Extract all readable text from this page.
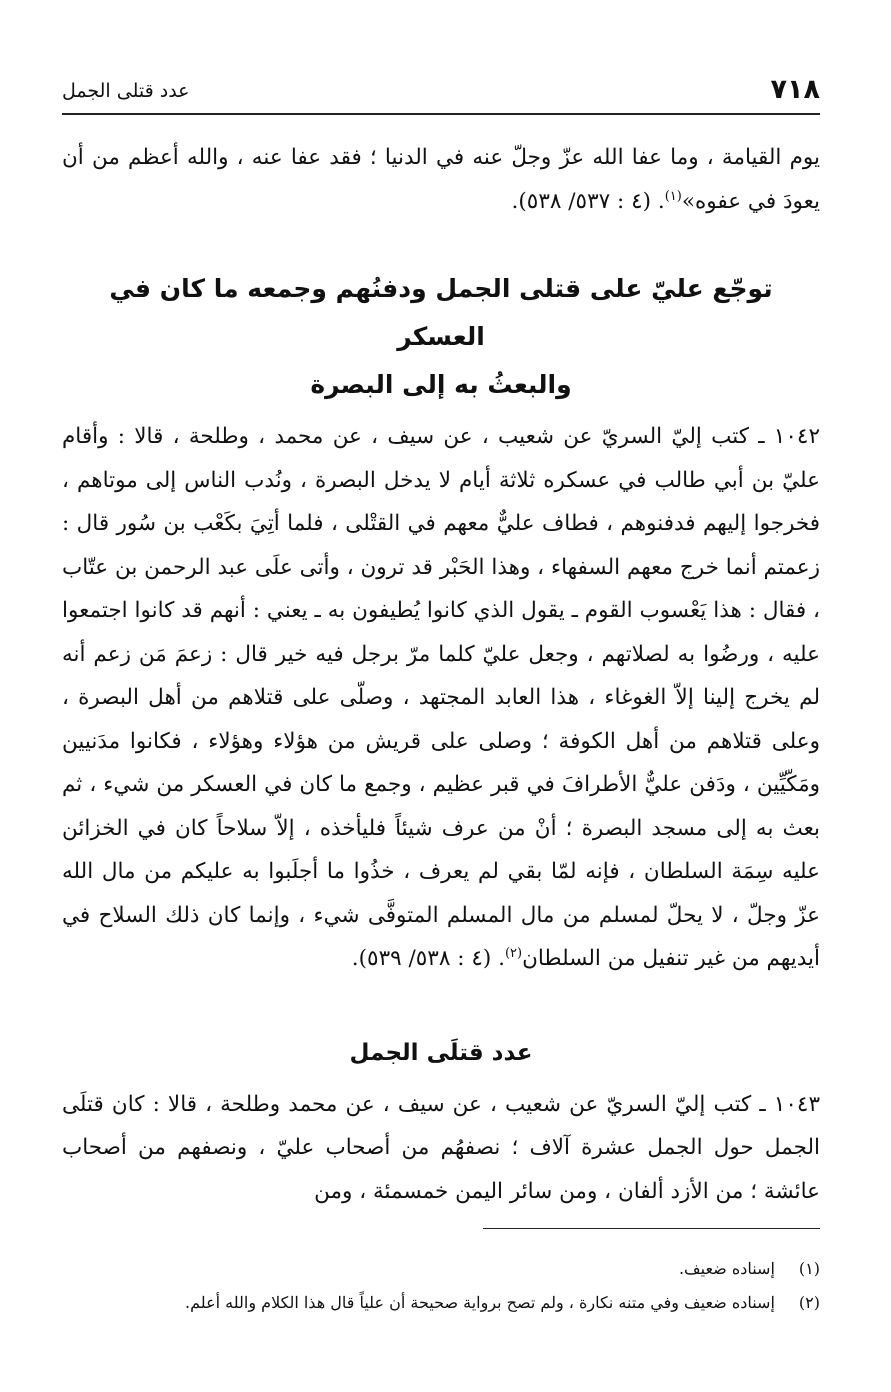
٧١٨
عدد قتلى الجمل

يوم القيامة ، وما عفا الله عزّ وجلّ عنه في الدنيا ؛ فقد عفا عنه ، والله أعظم من أن يعودَ في عفوه»$^{(١)}$. (٤ : ٥٣٧/ ٥٣٨).

توجّع عليّ على قتلى الجمل ودفنُهم وجمعه ما كان في العسكر
والبعثُ به إلى البصرة

١٠٤٢ ـ كتب إليّ السريّ عن شعيب ، عن سيف ، عن محمد ، وطلحة ، قالا : وأقام عليّ بن أبي طالب في عسكره ثلاثة أيام لا يدخل البصرة ، ونُدب الناس إلى موتاهم ، فخرجوا إليهم فدفنوهم ، فطاف عليٌّ معهم في القتْلى ، فلما أتِيَ بكَعْب بن سُور قال : زعمتم أنما خرج معهم السفهاء ، وهذا الحَبْر قد ترون ، وأتى علَى عبد الرحمن بن عتّاب ، فقال : هذا يَعْسوب القوم ـ يقول الذي كانوا يُطيفون به ـ يعني : أنهم قد كانوا اجتمعوا عليه ، ورضُوا به لصلاتهم ، وجعل عليّ كلما مرّ برجل فيه خير قال : زعمَ مَن زعم أنه لم يخرج إلينا إلاّ الغوغاء ، هذا العابد المجتهد ، وصلّى على قتلاهم من أهل البصرة ، وعلى قتلاهم من أهل الكوفة ؛ وصلى على قريش من هؤلاء وهؤلاء ، فكانوا مدَنيين ومَكّيِّين ، ودَفن عليٌّ الأطرافَ في قبر عظيم ، وجمع ما كان في العسكر من شيء ، ثم بعث به إلى مسجد البصرة ؛ أنْ من عرف شيئاً فليأخذه ، إلاّ سلاحاً كان في الخزائن عليه سِمَة السلطان ، فإنه لمّا بقي لم يعرف ، خذُوا ما أجلَبوا به عليكم من مال الله عزّ وجلّ ، لا يحلّ لمسلم من مال المسلم المتوفَّى شيء ، وإنما كان ذلك السلاح في أيديهم من غير تنفيل من السلطان$^{(٢)}$. (٤ : ٥٣٨/ ٥٣٩).

عدد قتلَى الجمل

١٠٤٣ ـ كتب إليّ السريّ عن شعيب ، عن سيف ، عن محمد وطلحة ، قالا : كان قتلَى الجمل حول الجمل عشرة آلاف ؛ نصفهُم من أصحاب عليّ ، ونصفهم من أصحاب عائشة ؛ من الأزد ألفان ، ومن سائر اليمن خمسمئة ، ومن

(١) إسناده ضعيف.

(٢) إسناده ضعيف وفي متنه نكارة ، ولم تصح برواية صحيحة أن علياً قال هذا الكلام والله أعلم.
